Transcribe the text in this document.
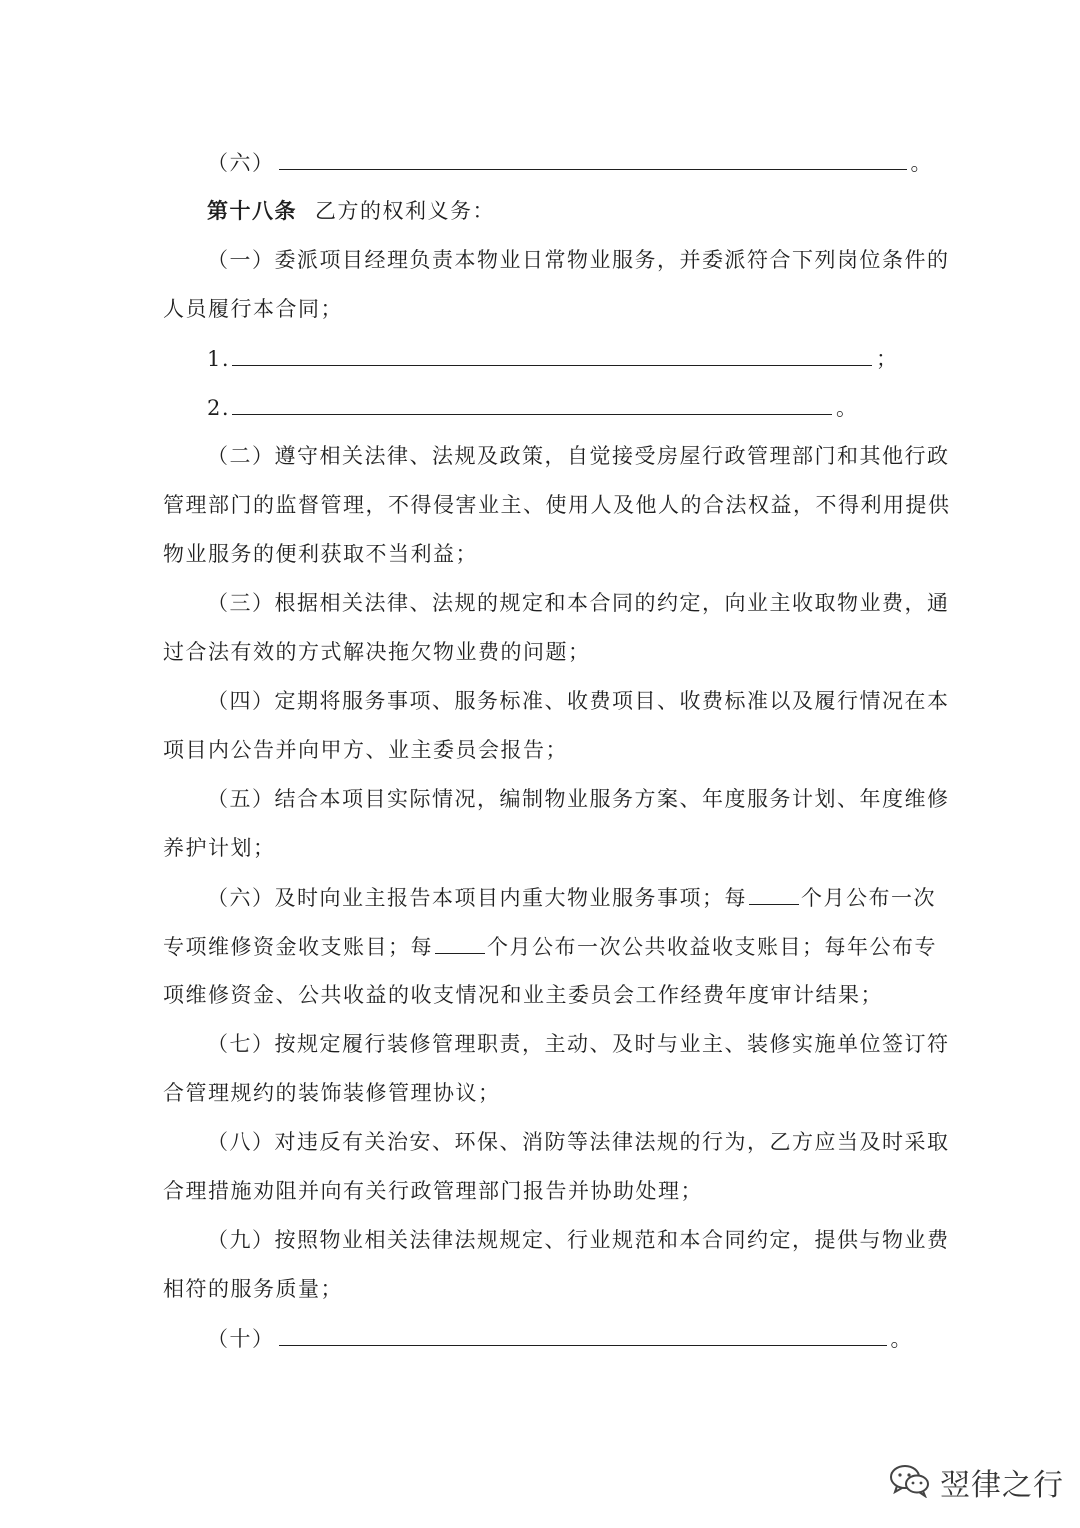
（六）	。
第十八条 乙方的权利义务：
（一）委派项目经理负责本物业日常物业服务，并委派符合下列岗位条件的
人员履行本合同；
1.	；
2.	。
（二）遵守相关法律、法规及政策，自觉接受房屋行政管理部门和其他行政
管理部门的监督管理，不得侵害业主、使用人及他人的合法权益，不得利用提供
物业服务的便利获取不当利益；
（三）根据相关法律、法规的规定和本合同的约定，向业主收取物业费，通
过合法有效的方式解决拖欠物业费的问题；
（四）定期将服务事项、服务标准、收费项目、收费标准以及履行情况在本
项目内公告并向甲方、业主委员会报告；
（五）结合本项目实际情况，编制物业服务方案、年度服务计划、年度维修
养护计划；
（六）及时向业主报告本项目内重大物业服务事项；每	个月公布一次
专项维修资金收支账目；每	个月公布一次公共收益收支账目；每年公布专
项维修资金、公共收益的收支情况和业主委员会工作经费年度审计结果；
（七）按规定履行装修管理职责，主动、及时与业主、装修实施单位签订符
合管理规约的装饰装修管理协议；
（八）对违反有关治安、环保、消防等法律法规的行为，乙方应当及时采取
合理措施劝阻并向有关行政管理部门报告并协助处理；
（九）按照物业相关法律法规规定、行业规范和本合同约定，提供与物业费
相符的服务质量；
（十）	。
翌律之行
